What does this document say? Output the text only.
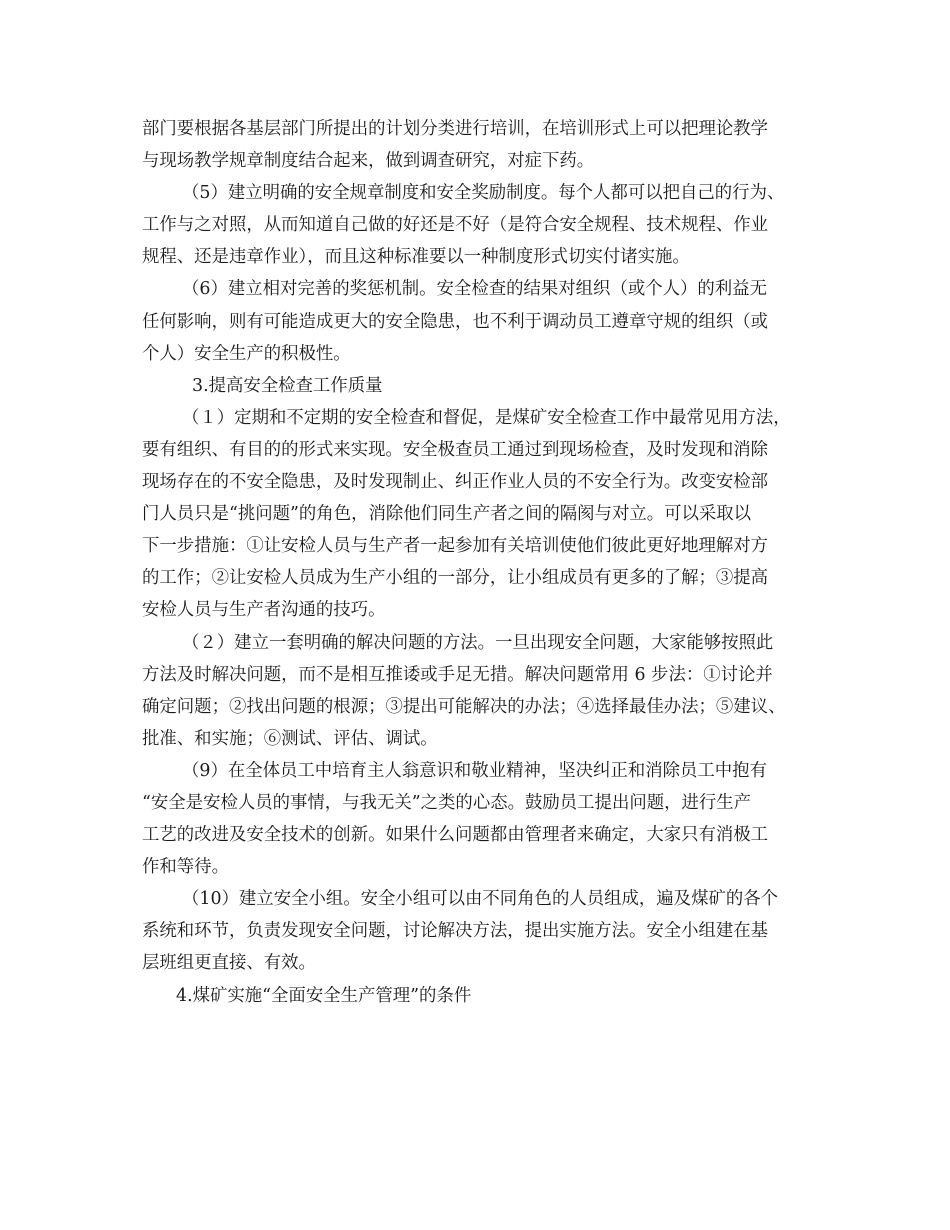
部门要根据各基层部门所提出的计划分类进行培训，在培训形式上可以把理论教学

与现场教学规章制度结合起来，做到调查研究，对症下药。

（5）建立明确的安全规章制度和安全奖励制度。每个人都可以把自己的行为、

工作与之对照，从而知道自己做的好还是不好（是符合安全规程、技术规程、作业

规程、还是违章作业），而且这种标准要以一种制度形式切实付诸实施。

（6）建立相对完善的奖惩机制。安全检查的结果对组织（或个人）的利益无

任何影响，则有可能造成更大的安全隐患，也不利于调动员工遵章守规的组织（或

个人）安全生产的积极性。

3.提高安全检查工作质量

（１）定期和不定期的安全检查和督促，是煤矿安全检查工作中最常见用方法，

要有组织、有目的的形式来实现。安全极查员工通过到现场检查，及时发现和消除

现场存在的不安全隐患，及时发现制止、纠正作业人员的不安全行为。改变安检部

门人员只是“挑问题”的角色，消除他们同生产者之间的隔阂与对立。可以采取以

下一步措施：①让安检人员与生产者一起参加有关培训使他们彼此更好地理解对方

的工作；②让安检人员成为生产小组的一部分，让小组成员有更多的了解；③提高

安检人员与生产者沟通的技巧。

（２）建立一套明确的解决问题的方法。一旦出现安全问题，大家能够按照此

方法及时解决问题，而不是相互推诿或手足无措。解决问题常用 6 步法：①讨论并

确定问题；②找出问题的根源；③提出可能解决的办法；④选择最佳办法；⑤建议、

批准、和实施；⑥测试、评估、调试。

（9）在全体员工中培育主人翁意识和敬业精神，坚决纠正和消除员工中抱有

“安全是安检人员的事情，与我无关”之类的心态。鼓励员工提出问题，进行生产

工艺的改进及安全技术的创新。如果什么问题都由管理者来确定，大家只有消极工

作和等待。

（10）建立安全小组。安全小组可以由不同角色的人员组成，遍及煤矿的各个

系统和环节，负责发现安全问题，讨论解决方法，提出实施方法。安全小组建在基

层班组更直接、有效。

4.煤矿实施“全面安全生产管理”的条件
